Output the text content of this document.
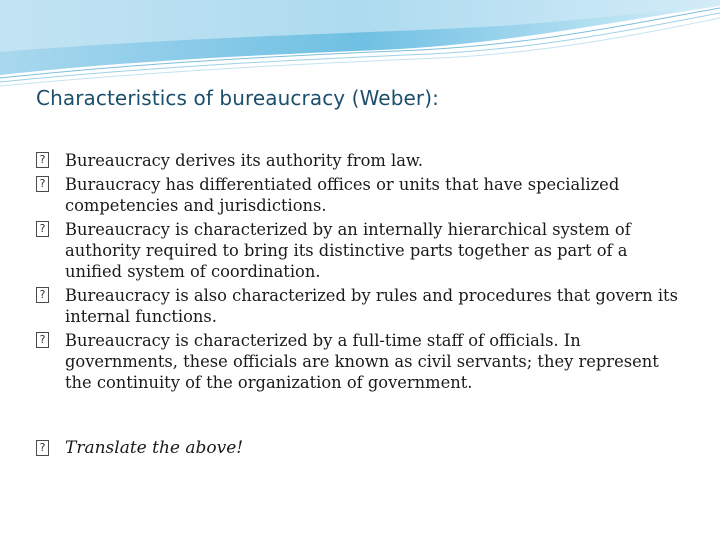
Characteristics of bureaucracy (Weber):
? Bureaucracy derives its authority from law.
? Buraucracy has differentiated offices or units that have specialized competencies and jurisdictions.
? Bureaucracy is characterized by an internally hierarchical system of authority required to bring its distinctive parts together as part of a unified system of coordination.
? Bureaucracy is also characterized by rules and procedures that govern its internal functions.
? Bureaucracy is characterized by a full-time staff of officials. In governments, these officials are known as civil servants; they represent the continuity of the organization of government.

? Translate the above!
